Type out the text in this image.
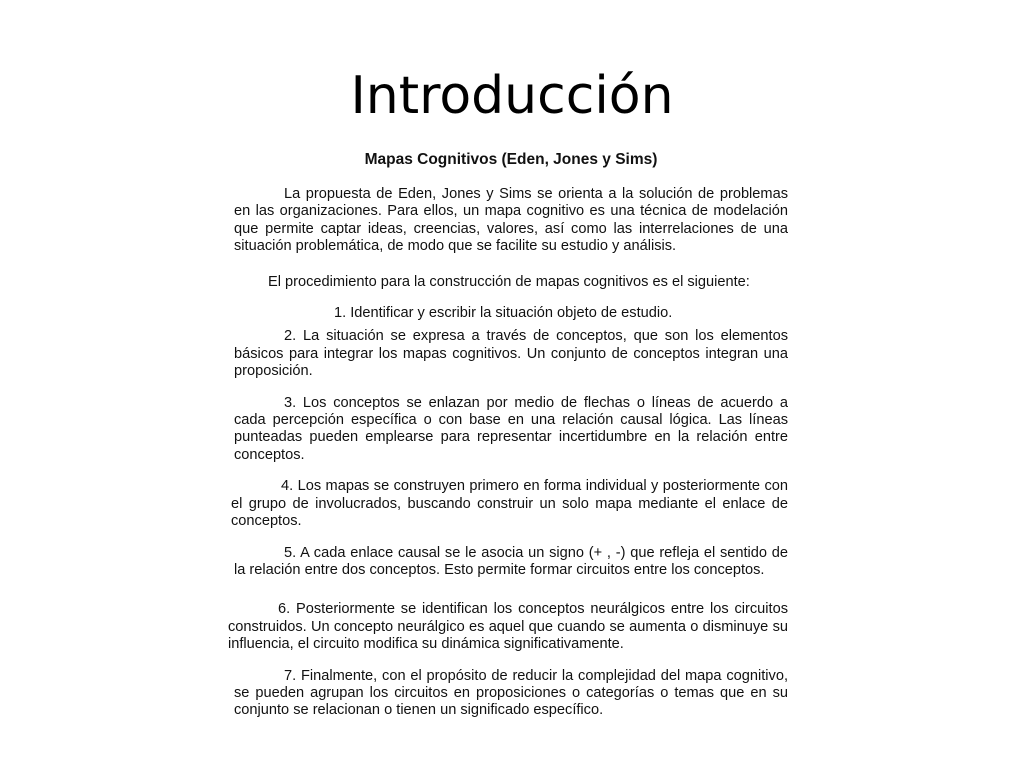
Introducción

Mapas Cognitivos (Eden, Jones y Sims)

La propuesta de Eden, Jones y Sims se orienta a la solución de problemas en las organizaciones. Para ellos, un mapa cognitivo es una técnica de modelación que permite captar ideas, creencias, valores, así como las interrelaciones de una situación problemática, de modo que se facilite su estudio y análisis.

El procedimiento para la construcción de mapas cognitivos es el siguiente:

1. Identificar y escribir la situación objeto de estudio.

2. La situación se expresa a través de conceptos, que son los elementos básicos para integrar los mapas cognitivos. Un conjunto de conceptos integran una proposición.

3. Los conceptos se enlazan por medio de flechas o líneas de acuerdo a cada percepción específica o con base en una relación causal lógica. Las líneas punteadas pueden emplearse para representar incertidumbre en la relación entre conceptos.

4. Los mapas se construyen primero en forma individual y posteriormente con el grupo de involucrados, buscando construir un solo mapa mediante el enlace de conceptos.

5. A cada enlace causal se le asocia un signo (+ , -) que refleja el sentido de la relación entre dos conceptos. Esto permite formar circuitos entre los conceptos.

6. Posteriormente se identifican los conceptos neurálgicos entre los circuitos construidos. Un concepto neurálgico es aquel que cuando se aumenta o disminuye su influencia, el circuito modifica su dinámica significativamente.

7. Finalmente, con el propósito de reducir la complejidad del mapa cognitivo, se pueden agrupan los circuitos en proposiciones o categorías o temas que en su conjunto se relacionan o tienen un significado específico.
